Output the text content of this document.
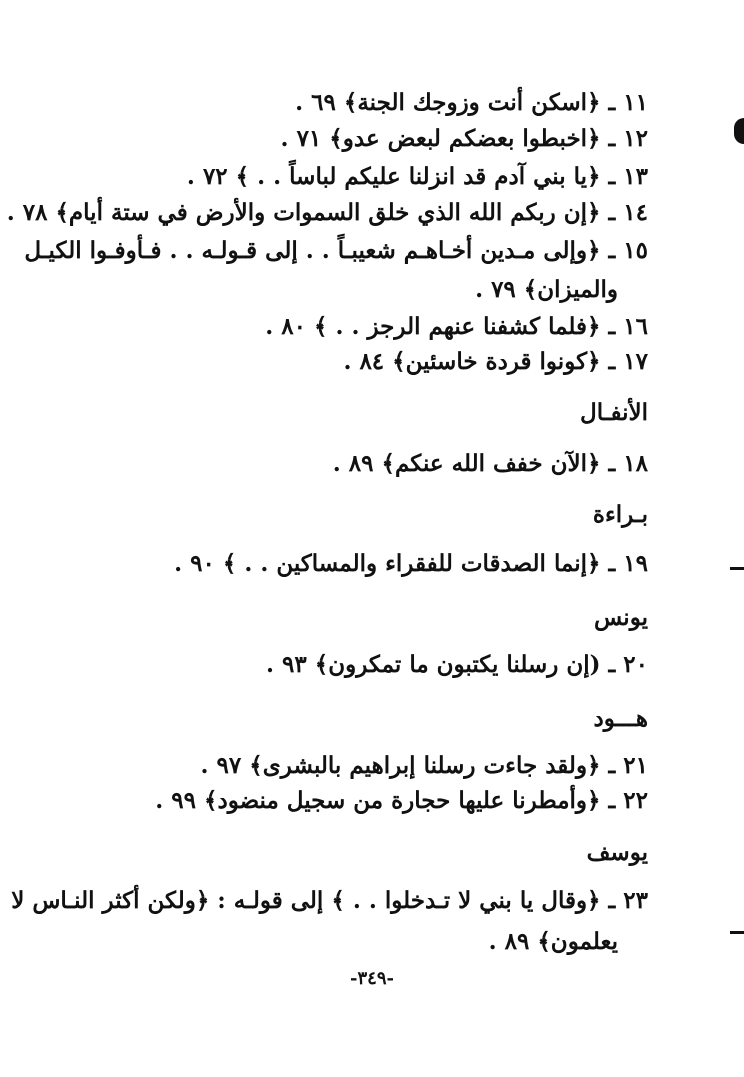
١١ ـ ﴿اسكن أنت وزوجك الجنة﴾ ٦٩ .
١٢ ـ ﴿اخبطوا بعضكم لبعض عدو﴾ ٧١ .
١٣ ـ ﴿يا بني آدم قد انزلنا عليكم لباساً . . ﴾ ٧٢ .
١٤ ـ ﴿إن ربكم الله الذي خلق السموات والأرض في ستة أيام﴾ ٧٨ .
١٥ ـ ﴿وإلى مـدين أخـاهـم شعيبـاً . . إلى قـولـه . . فـأوفـوا الكيـل
والميزان﴾ ٧٩ .
١٦ ـ ﴿فلما كشفنا عنهم الرجز . . ﴾ ٨٠ .
١٧ ـ ﴿كونوا قردة خاسئين﴾ ٨٤ .
الأنفـال
١٨ ـ ﴿الآن خفف الله عنكم﴾ ٨٩ .
بـراءة
١٩ ـ ﴿إنما الصدقات للفقراء والمساكين . . ﴾ ٩٠ .
يونس
٢٠ ـ (إن رسلنا يكتبون ما تمكرون﴾ ٩٣ .
هـــود
٢١ ـ ﴿ولقد جاءت رسلنا إبراهيم بالبشرى﴾ ٩٧ .
٢٢ ـ ﴿وأمطرنا عليها حجارة من سجيل منضود﴾ ٩٩ .
يوسف
٢٣ ـ ﴿وقال يا بني لا تـدخلوا . . ﴾ إلى قولـه : ﴿ولكن أكثر النـاس لا
يعلمون﴾ ٨٩ .
-٣٤٩-
